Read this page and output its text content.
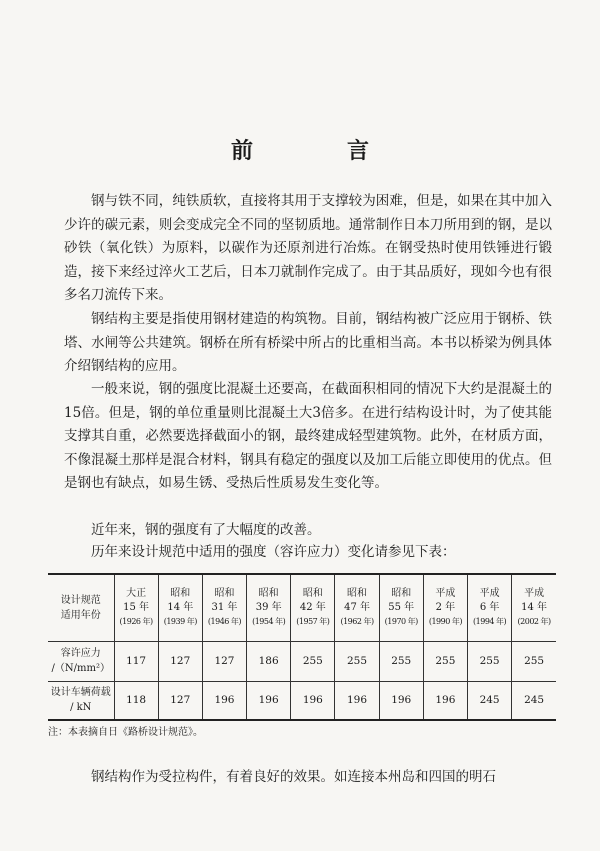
前　言

钢与铁不同，纯铁质软，直接将其用于支撑较为困难，但是，如果在其中加入少许的碳元素，则会变成完全不同的坚韧质地。通常制作日本刀所用到的钢，是以砂铁（氧化铁）为原料，以碳作为还原剂进行冶炼。在钢受热时使用铁锤进行锻造，接下来经过淬火工艺后，日本刀就制作完成了。由于其品质好，现如今也有很多名刀流传下来。

钢结构主要是指使用钢材建造的构筑物。目前，钢结构被广泛应用于钢桥、铁塔、水闸等公共建筑。钢桥在所有桥梁中所占的比重相当高。本书以桥梁为例具体介绍钢结构的应用。

一般来说，钢的强度比混凝土还要高，在截面积相同的情况下大约是混凝土的15倍。但是，钢的单位重量则比混凝土大3倍多。在进行结构设计时，为了使其能支撑其自重，必然要选择截面小的钢，最终建成轻型建筑物。此外，在材质方面，不像混凝土那样是混合材料，钢具有稳定的强度以及加工后能立即使用的优点。但是钢也有缺点，如易生锈、受热后性质易发生变化等。

近年来，钢的强度有了大幅度的改善。

历年来设计规范中适用的强度（容许应力）变化请参见下表：

设计规范
适用年份	大正
15 年
(1926 年)	昭和
14 年
(1939 年)	昭和
31 年
(1946 年)	昭和
39 年
(1954 年)	昭和
42 年
(1957 年)	昭和
47 年
(1962 年)	昭和
55 年
(1970 年)	平成
2 年
(1990 年)	平成
6 年
(1994 年)	平成
14 年
(2002 年)

容许应力
/（N/mm²）	117	127	127	186	255	255	255	255	255	255
设计车辆荷载
/ kN	118	127	196	196	196	196	196	196	245	245

注：本表摘自日《路桥设计规范》。

钢结构作为受拉构件，有着良好的效果。如连接本州岛和四国的明石
